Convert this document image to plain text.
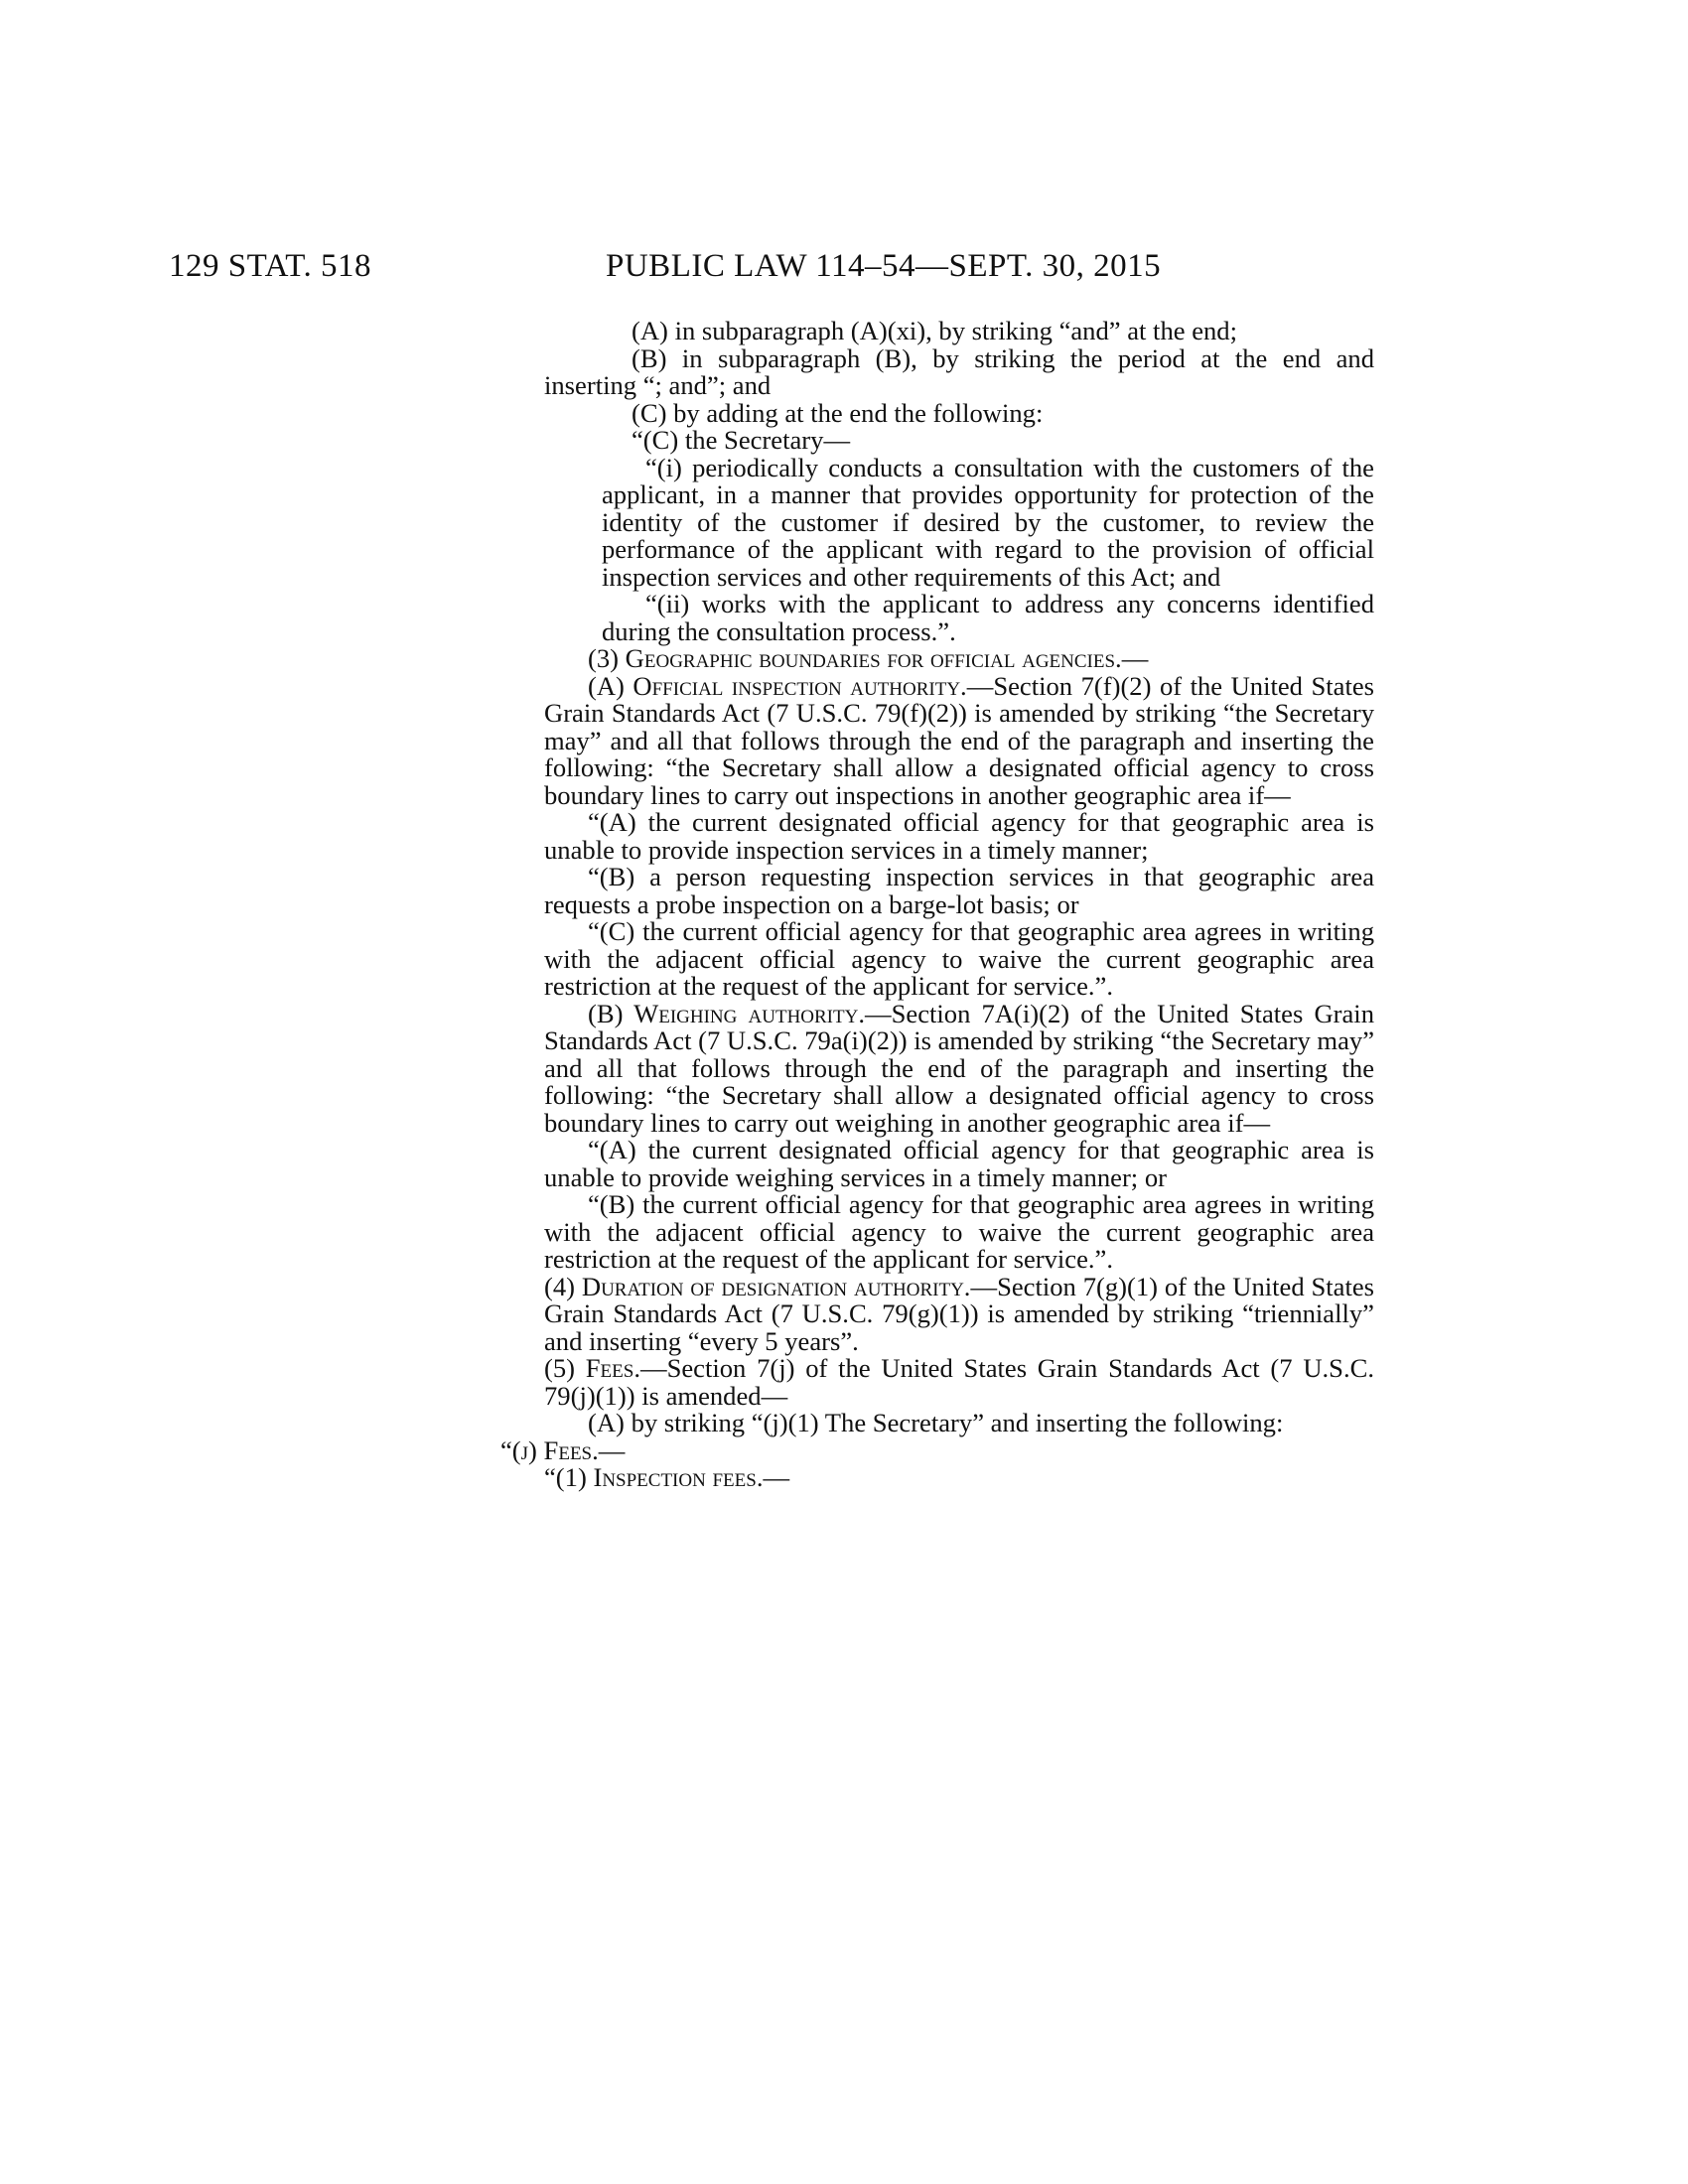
129 STAT. 518	PUBLIC LAW 114–54—SEPT. 30, 2015

(A) in subparagraph (A)(xi), by striking “and” at the end;

(B) in subparagraph (B), by striking the period at the end and inserting “; and”; and

(C) by adding at the end the following:

“(C) the Secretary—

“(i) periodically conducts a consultation with the customers of the applicant, in a manner that provides opportunity for protection of the identity of the customer if desired by the customer, to review the performance of the applicant with regard to the provision of official inspection services and other requirements of this Act; and

“(ii) works with the applicant to address any concerns identified during the consultation process.”.

(3) Geographic boundaries for official agencies.—

(A) Official inspection authority.—Section 7(f)(2) of the United States Grain Standards Act (7 U.S.C. 79(f)(2)) is amended by striking “the Secretary may” and all that follows through the end of the paragraph and inserting the following: “the Secretary shall allow a designated official agency to cross boundary lines to carry out inspections in another geographic area if—

“(A) the current designated official agency for that geographic area is unable to provide inspection services in a timely manner;

“(B) a person requesting inspection services in that geographic area requests a probe inspection on a barge-lot basis; or

“(C) the current official agency for that geographic area agrees in writing with the adjacent official agency to waive the current geographic area restriction at the request of the applicant for service.”.

(B) Weighing authority.—Section 7A(i)(2) of the United States Grain Standards Act (7 U.S.C. 79a(i)(2)) is amended by striking “the Secretary may” and all that follows through the end of the paragraph and inserting the following: “the Secretary shall allow a designated official agency to cross boundary lines to carry out weighing in another geographic area if—

“(A) the current designated official agency for that geographic area is unable to provide weighing services in a timely manner; or

“(B) the current official agency for that geographic area agrees in writing with the adjacent official agency to waive the current geographic area restriction at the request of the applicant for service.”.

(4) Duration of designation authority.—Section 7(g)(1) of the United States Grain Standards Act (7 U.S.C. 79(g)(1)) is amended by striking “triennially” and inserting “every 5 years”.

(5) Fees.—Section 7(j) of the United States Grain Standards Act (7 U.S.C. 79(j)(1)) is amended—

(A) by striking “(j)(1) The Secretary” and inserting the following:

“(j) Fees.—

“(1) Inspection fees.—
